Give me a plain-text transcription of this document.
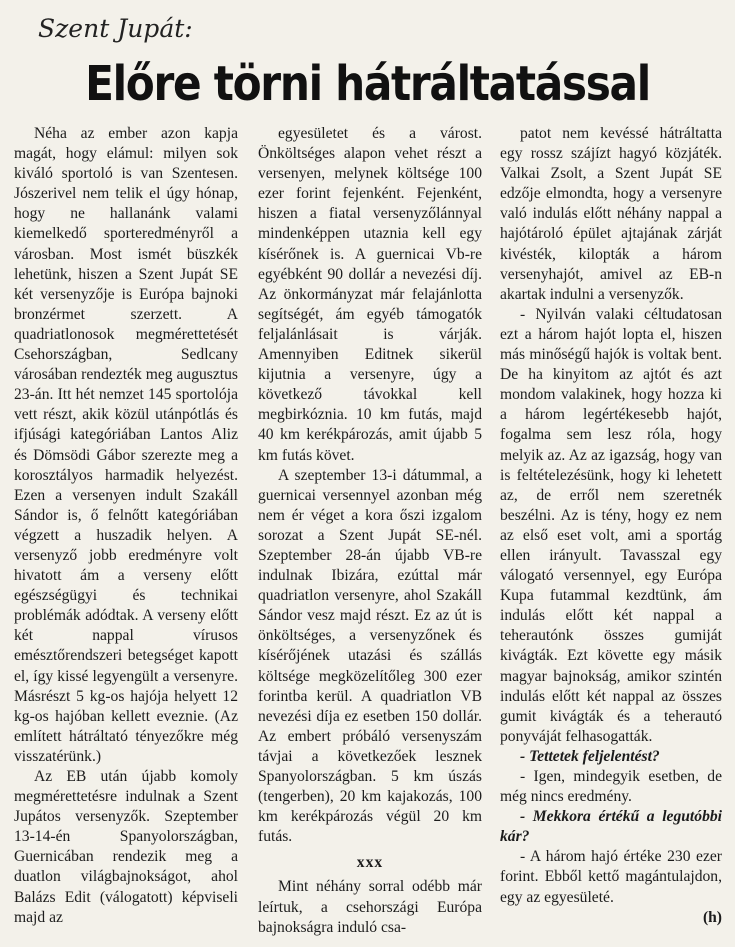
Szent Jupát:
Előre törni hátráltatással

Néha az ember azon kapja magát, hogy elámul: milyen sok kiváló sportoló is van Szentesen. Jószerivel nem telik el úgy hónap, hogy ne hallanánk valami kiemelkedő sporteredményről a városban. Most ismét büszkék lehetünk, hiszen a Szent Jupát SE két versenyzője is Európa bajnoki bronzérmet szerzett. A quadriatlonosok megmérettetését Csehországban, Sedlcany városában rendezték meg augusztus 23-án. Itt hét nemzet 145 sportolója vett részt, akik közül utánpótlás és ifjúsági kategóriában Lantos Aliz és Dömsödi Gábor szerezte meg a korosztályos harmadik helyezést. Ezen a versenyen indult Szakáll Sándor is, ő felnőtt kategóriában végzett a huszadik helyen. A versenyző jobb eredményre volt hivatott ám a verseny előtt egészségügyi és technikai problémák adódtak. A verseny előtt két nappal vírusos emésztőrendszeri betegséget kapott el, így kissé legyengült a versenyre. Másrészt 5 kg-os hajója helyett 12 kg-os hajóban kellett eveznie. (Az említett hátráltató tényezőkre még visszatérünk.)

Az EB után újabb komoly megmérettetésre indulnak a Szent Jupátos versenyzők. Szeptember 13-14-én Spanyolországban, Guernicában rendezik meg a duatlon világbajnokságot, ahol Balázs Edit (válogatott) képviseli majd az

egyesületet és a várost. Önköltséges alapon vehet részt a versenyen, melynek költsége 100 ezer forint fejenként. Fejenként, hiszen a fiatal versenyzőlánnyal mindenképpen utaznia kell egy kísérőnek is. A guernicai Vb-re egyébként 90 dollár a nevezési díj. Az önkormányzat már felajánlotta segítségét, ám egyéb támogatók feljalánlásait is várják. Amennyiben Editnek sikerül kijutnia a versenyre, úgy a következő távokkal kell megbirkóznia. 10 km futás, majd 40 km kerékpározás, amit újabb 5 km futás követ.

A szeptember 13-i dátummal, a guernicai versennyel azonban még nem ér véget a kora őszi izgalom sorozat a Szent Jupát SE-nél. Szeptember 28-án újabb VB-re indulnak Ibizára, ezúttal már quadriatlon versenyre, ahol Szakáll Sándor vesz majd részt. Ez az út is önköltséges, a versenyzőnek és kísérőjének utazási és szállás költsége megközelítőleg 300 ezer forintba kerül. A quadriatlon VB nevezési díja ez esetben 150 dollár. Az embert próbáló versenyszám távjai a következőek lesznek Spanyolországban. 5 km úszás (tengerben), 20 km kajakozás, 100 km kerékpározás végül 20 km futás.

xxx

Mint néhány sorral odébb már leírtuk, a csehországi Európa bajnokságra induló csa-

patot nem kevéssé hátráltatta egy rossz szájízt hagyó közjáték. Valkai Zsolt, a Szent Jupát SE edzője elmondta, hogy a versenyre való indulás előtt néhány nappal a hajótároló épület ajtajának zárját kivésték, kilopták a három versenyhajót, amivel az EB-n akartak indulni a versenyzők.

- Nyilván valaki céltudatosan ezt a három hajót lopta el, hiszen más minőségű hajók is voltak bent. De ha kinyitom az ajtót és azt mondom valakinek, hogy hozza ki a három legértékesebb hajót, fogalma sem lesz róla, hogy melyik az. Az az igazság, hogy van is feltételezésünk, hogy ki lehetett az, de erről nem szeretnék beszélni. Az is tény, hogy ez nem az első eset volt, ami a sportág ellen irányult. Tavasszal egy válogató versennyel, egy Európa Kupa futammal kezdtünk, ám indulás előtt két nappal a teherautónk összes gumiját kivágták. Ezt követte egy másik magyar bajnokság, amikor szintén indulás előtt két nappal az összes gumit kivágták és a teherautó ponyváját felhasogatták.

- Tettetek feljelentést?

- Igen, mindegyik esetben, de még nincs eredmény.

- Mekkora értékű a legutóbbi kár?

- A három hajó értéke 230 ezer forint. Ebből kettő magántulajdon, egy az egyesületé.

(h)
